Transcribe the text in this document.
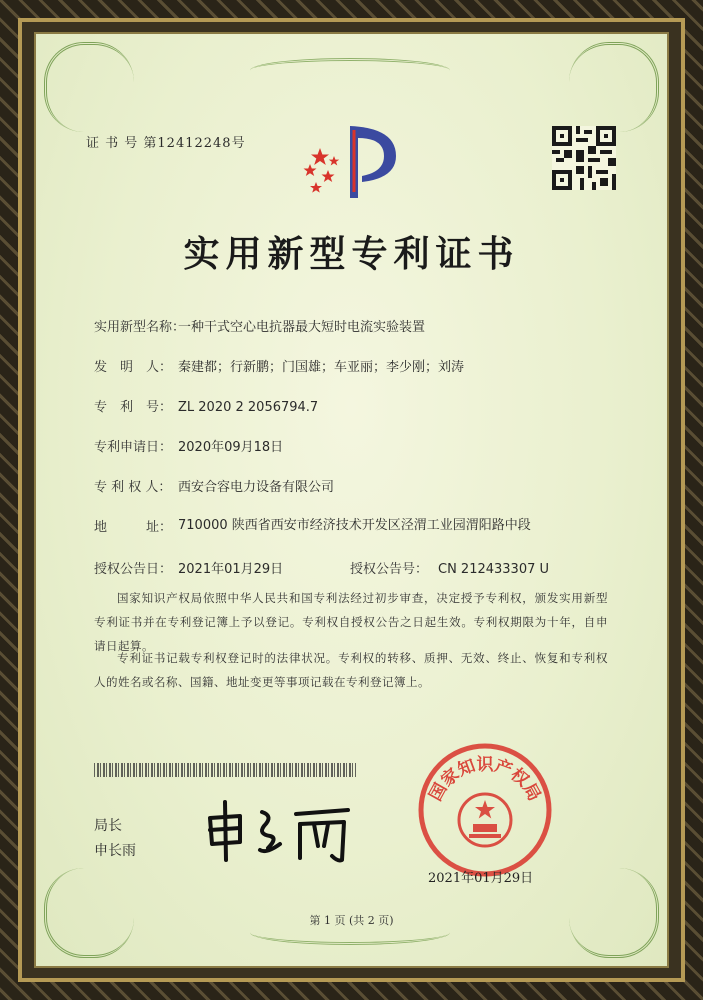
证 书 号 第12412248号
实用新型专利证书
实用新型名称：一种干式空心电抗器最大短时电流实验装置
发　明　人： 秦建都；行新鹏；门国雄；车亚丽；李少刚；刘涛
专　利　号： ZL 2020 2 2056794.7
专利申请日： 2020年09月18日
专 利 权 人： 西安合容电力设备有限公司
地　　　址： 710000 陕西省西安市经济技术开发区泾渭工业园渭阳路中段
授权公告日： 2021年01月29日	授权公告号： CN 212433307 U
国家知识产权局依照中华人民共和国专利法经过初步审查，决定授予专利权，颁发实用新型专利证书并在专利登记簿上予以登记。专利权自授权公告之日起生效。专利权期限为十年，自申请日起算。
专利证书记载专利权登记时的法律状况。专利权的转移、质押、无效、终止、恢复和专利权人的姓名或名称、国籍、地址变更等事项记载在专利登记簿上。
局长
申长雨
国家知识产权局
2021年01月29日
第 1 页 (共 2 页)
